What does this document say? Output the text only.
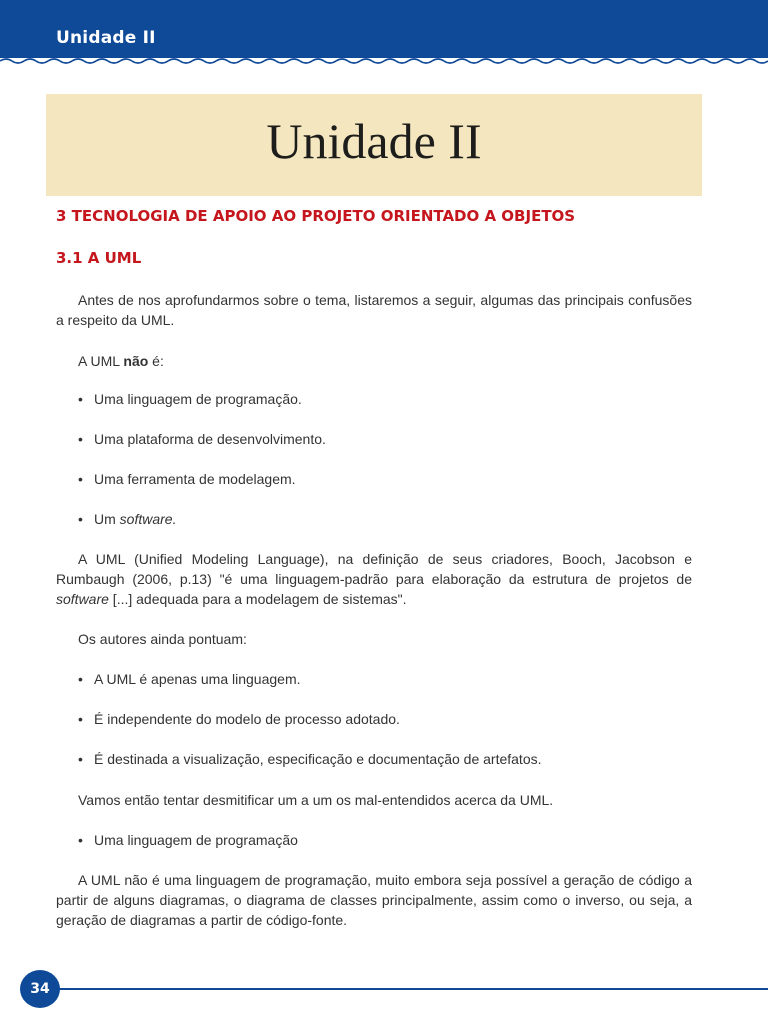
Unidade II
Unidade II
3 TECNOLOGIA DE APOIO AO PROJETO ORIENTADO A OBJETOS
3.1 A UML
Antes de nos aprofundarmos sobre o tema, listaremos a seguir, algumas das principais confusões a respeito da UML.
A UML não é:
• Uma linguagem de programação.
• Uma plataforma de desenvolvimento.
• Uma ferramenta de modelagem.
• Um software.
A UML (Unified Modeling Language), na definição de seus criadores, Booch, Jacobson e Rumbaugh (2006, p.13) "é uma linguagem-padrão para elaboração da estrutura de projetos de software [...] adequada para a modelagem de sistemas".
Os autores ainda pontuam:
• A UML é apenas uma linguagem.
• É independente do modelo de processo adotado.
• É destinada a visualização, especificação e documentação de artefatos.
Vamos então tentar desmitificar um a um os mal-entendidos acerca da UML.
• Uma linguagem de programação
A UML não é uma linguagem de programação, muito embora seja possível a geração de código a partir de alguns diagramas, o diagrama de classes principalmente, assim como o inverso, ou seja, a geração de diagramas a partir de código-fonte.
34
